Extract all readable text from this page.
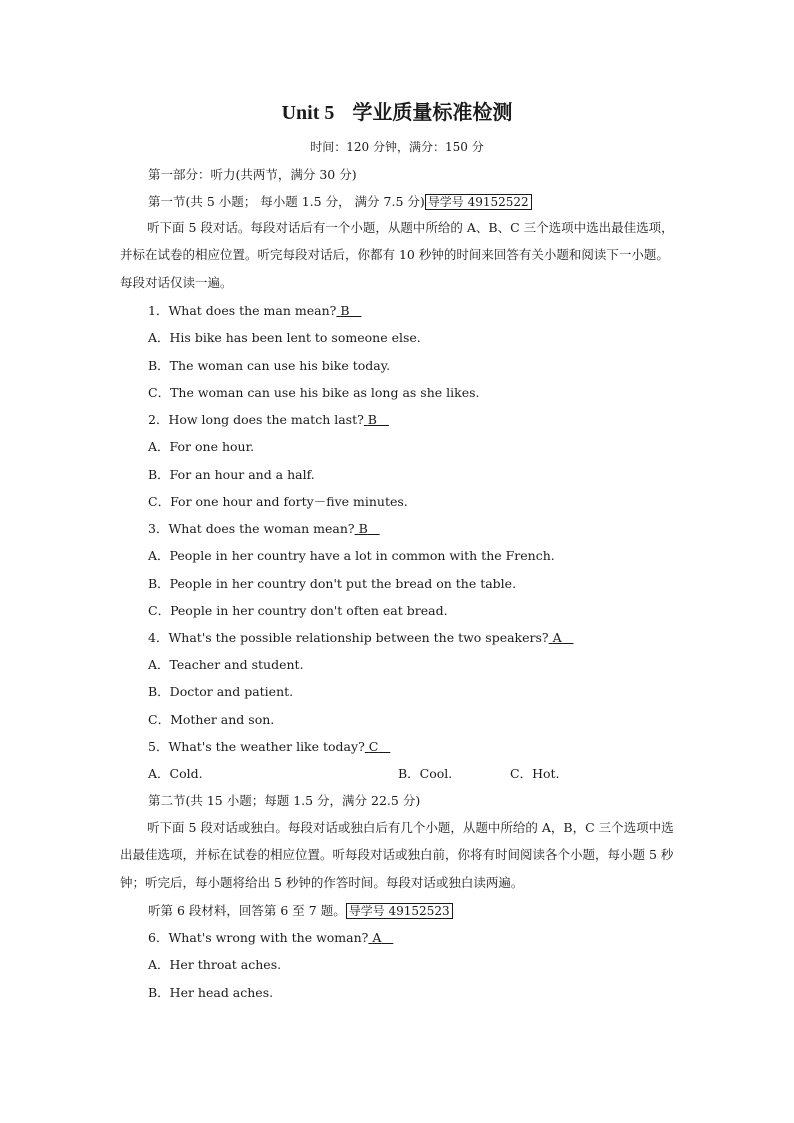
Unit 5 学业质量标准检测
时间：120 分钟，满分：150 分
第一部分：听力(共两节，满分 30 分)
第一节(共 5 小题； 每小题 1.5 分， 满分 7.5 分) 导学号 49152522
听下面 5 段对话。每段对话后有一个小题，从题中所给的 A、B、C 三个选项中选出最佳选项，并标在试卷的相应位置。听完每段对话后，你都有 10 秒钟的时间来回答有关小题和阅读下一小题。每段对话仅读一遍。
1．What does the man mean? B
A．His bike has been lent to someone else.
B．The woman can use his bike today.
C．The woman can use his bike as long as she likes.
2．How long does the match last? B
A．For one hour.
B．For an hour and a half.
C．For one hour and forty－five minutes.
3．What does the woman mean? B
A．People in her country have a lot in common with the French.
B．People in her country don't put the bread on the table.
C．People in her country don't often eat bread.
4．What's the possible relationship between the two speakers? A
A．Teacher and student.
B．Doctor and patient.
C．Mother and son.
5．What's the weather like today? C
A．Cold.	B．Cool.	C．Hot.
第二节(共 15 小题；每题 1.5 分，满分 22.5 分)
听下面 5 段对话或独白。每段对话或独白后有几个小题，从题中所给的 A，B，C 三个选项中选出最佳选项，并标在试卷的相应位置。听每段对话或独白前，你将有时间阅读各个小题，每小题 5 秒钟；听完后，每小题将给出 5 秒钟的作答时间。每段对话或独白读两遍。
听第 6 段材料，回答第 6 至 7 题。 导学号 49152523
6．What's wrong with the woman? A
A．Her throat aches.
B．Her head aches.
